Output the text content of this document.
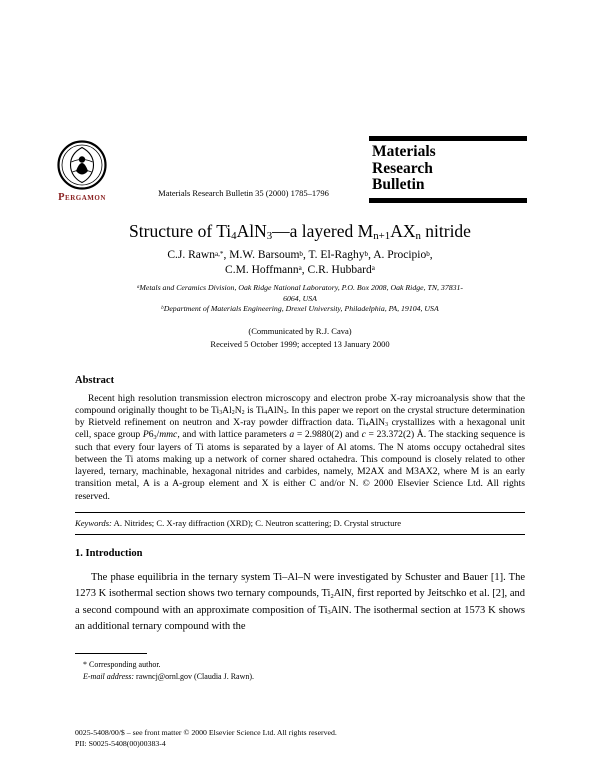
Pergamon	Materials Research Bulletin 35 (2000) 1785–1796
Materials
Research
Bulletin
Structure of $Ti_4AlN_3—a$ layered $M_{n+1}AX_n$ nitride
C.J. Rawn$^{a,*}$, M.W. Barsoum$^b$, T. El-Raghy$^b$, A. Procipio$^b$,
C.M. Hoffmann$^a$, C.R. Hubbard$^a$
$^a$Metals and Ceramics Division, Oak Ridge National Laboratory, P.O. Box 2008, Oak Ridge, TN, 37831-6064, USA
$^b$Department of Materials Engineering, Drexel University, Philadelphia, PA, 19104, USA
(Communicated by R.J. Cava)
Received 5 October 1999; accepted 13 January 2000
Abstract

Recent high resolution transmission electron microscopy and electron probe X-ray microanalysis show that the compound originally thought to be $Ti_3Al_2N_2$ is $Ti_4AlN_3$. In this paper we report on the crystal structure determination by Rietveld refinement on neutron and X-ray powder diffraction data. $Ti_4AlN_3$ crystallizes with a hexagonal unit cell, space group $P6_3$/mmc, and with lattice parameters a = 2.9880(2) and c = 23.372(2) Å. The stacking sequence is such that every four layers of Ti atoms is separated by a layer of Al atoms. The N atoms occupy octahedral sites between the Ti atoms making up a network of corner shared octahedra. This compound is closely related to other layered, ternary, machinable, hexagonal nitrides and carbides, namely, M2AX and M3AX2, where M is an early transition metal, A is a A-group element and X is either C and/or N. © 2000 Elsevier Science Ltd. All rights reserved.

Keywords: A. Nitrides; C. X-ray diffraction (XRD); C. Neutron scattering; D. Crystal structure
1. Introduction

The phase equilibria in the ternary system Ti–Al–N were investigated by Schuster and Bauer [1]. The 1273 K isothermal section shows two ternary compounds, $Ti_2AlN$, first reported by Jeitschko et al. [2], and a second compound with an approximate composition of $Ti_3AlN$. The isothermal section at 1573 K shows an additional ternary compound with the

* Corresponding author.
E-mail address: rawncj@ornl.gov (Claudia J. Rawn).
0025-5408/00/$ – see front matter © 2000 Elsevier Science Ltd. All rights reserved.
PII: S0025-5408(00)00383-4
